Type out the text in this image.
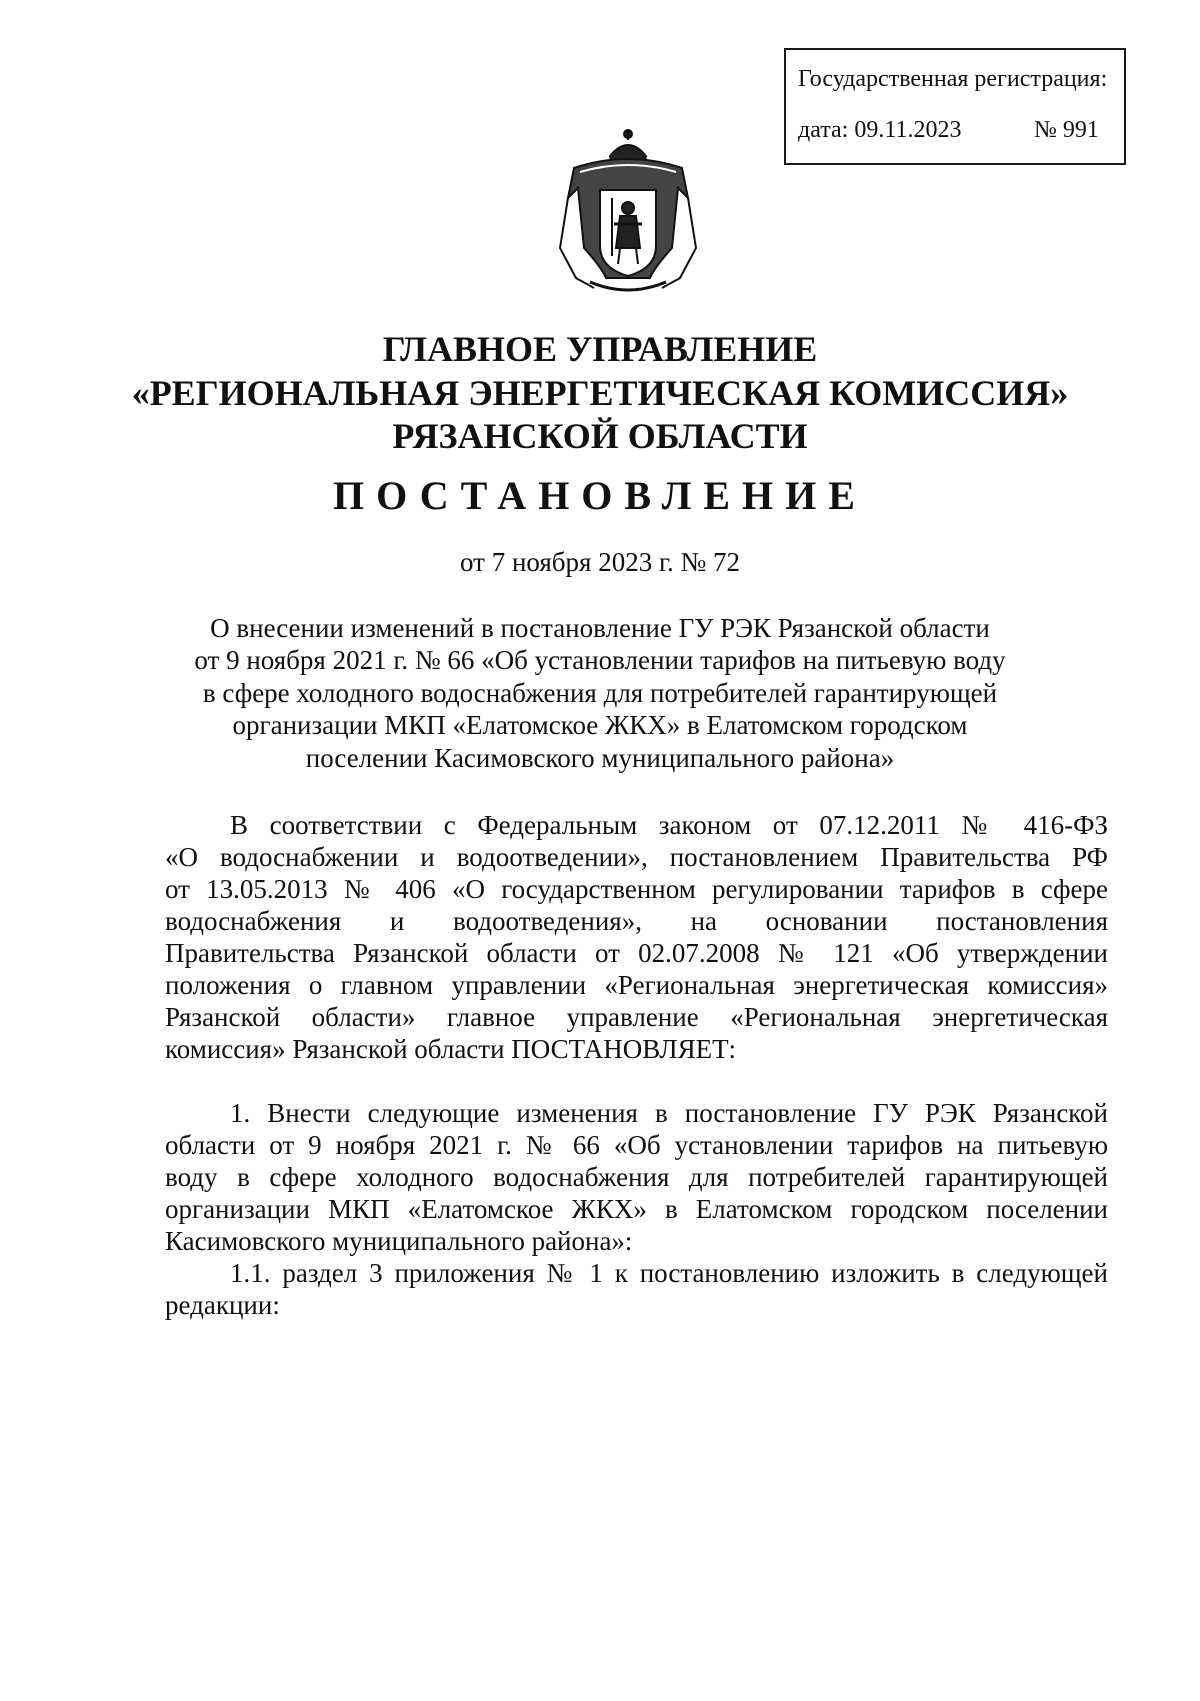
Государственная регистрация:
дата: 09.11.2023	№ 991
ГЛАВНОЕ УПРАВЛЕНИЕ
«РЕГИОНАЛЬНАЯ ЭНЕРГЕТИЧЕСКАЯ КОМИССИЯ»
РЯЗАНСКОЙ ОБЛАСТИ
ПОСТАНОВЛЕНИЕ
от 7 ноября 2023 г. № 72
О внесении изменений в постановление ГУ РЭК Рязанской области
от 9 ноября 2021 г. № 66 «Об установлении тарифов на питьевую воду
в сфере холодного водоснабжения для потребителей гарантирующей
организации МКП «Елатомское ЖКХ» в Елатомском городском
поселении Касимовского муниципального района»
В соответствии с Федеральным законом от 07.12.2011 № 416-ФЗ
«О водоснабжении и водоотведении», постановлением Правительства РФ
от 13.05.2013 № 406 «О государственном регулировании тарифов в сфере
водоснабжения и водоотведения», на основании постановления
Правительства Рязанской области от 02.07.2008 № 121 «Об утверждении
положения о главном управлении «Региональная энергетическая комиссия»
Рязанской области» главное управление «Региональная энергетическая
комиссия» Рязанской области ПОСТАНОВЛЯЕТ:
1. Внести следующие изменения в постановление ГУ РЭК Рязанской
области от 9 ноября 2021 г. № 66 «Об установлении тарифов на питьевую
воду в сфере холодного водоснабжения для потребителей гарантирующей
организации МКП «Елатомское ЖКХ» в Елатомском городском поселении
Касимовского муниципального района»:
1.1. раздел 3 приложения № 1 к постановлению изложить в следующей
редакции:
